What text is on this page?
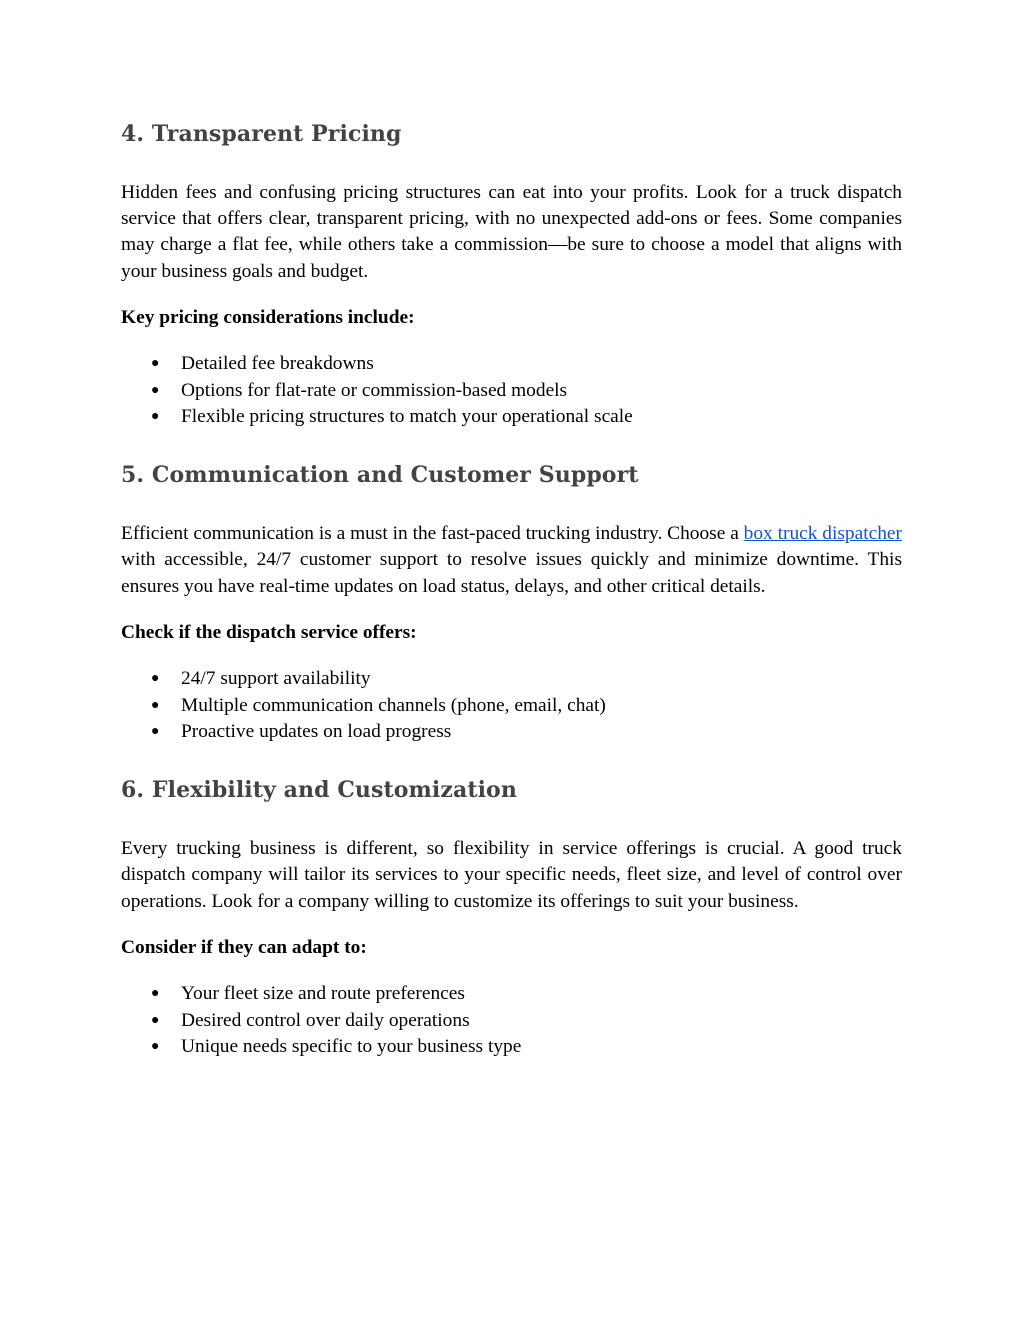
4. Transparent Pricing

Hidden fees and confusing pricing structures can eat into your profits. Look for a truck dispatch service that offers clear, transparent pricing, with no unexpected add-ons or fees. Some companies may charge a flat fee, while others take a commission—be sure to choose a model that aligns with your business goals and budget.

Key pricing considerations include:

● Detailed fee breakdowns
● Options for flat-rate or commission-based models
● Flexible pricing structures to match your operational scale
5. Communication and Customer Support

Efficient communication is a must in the fast-paced trucking industry. Choose a box truck dispatcher with accessible, 24/7 customer support to resolve issues quickly and minimize downtime. This ensures you have real-time updates on load status, delays, and other critical details.

Check if the dispatch service offers:

● 24/7 support availability
● Multiple communication channels (phone, email, chat)
● Proactive updates on load progress
6. Flexibility and Customization

Every trucking business is different, so flexibility in service offerings is crucial. A good truck dispatch company will tailor its services to your specific needs, fleet size, and level of control over operations. Look for a company willing to customize its offerings to suit your business.

Consider if they can adapt to:

● Your fleet size and route preferences
● Desired control over daily operations
● Unique needs specific to your business type
